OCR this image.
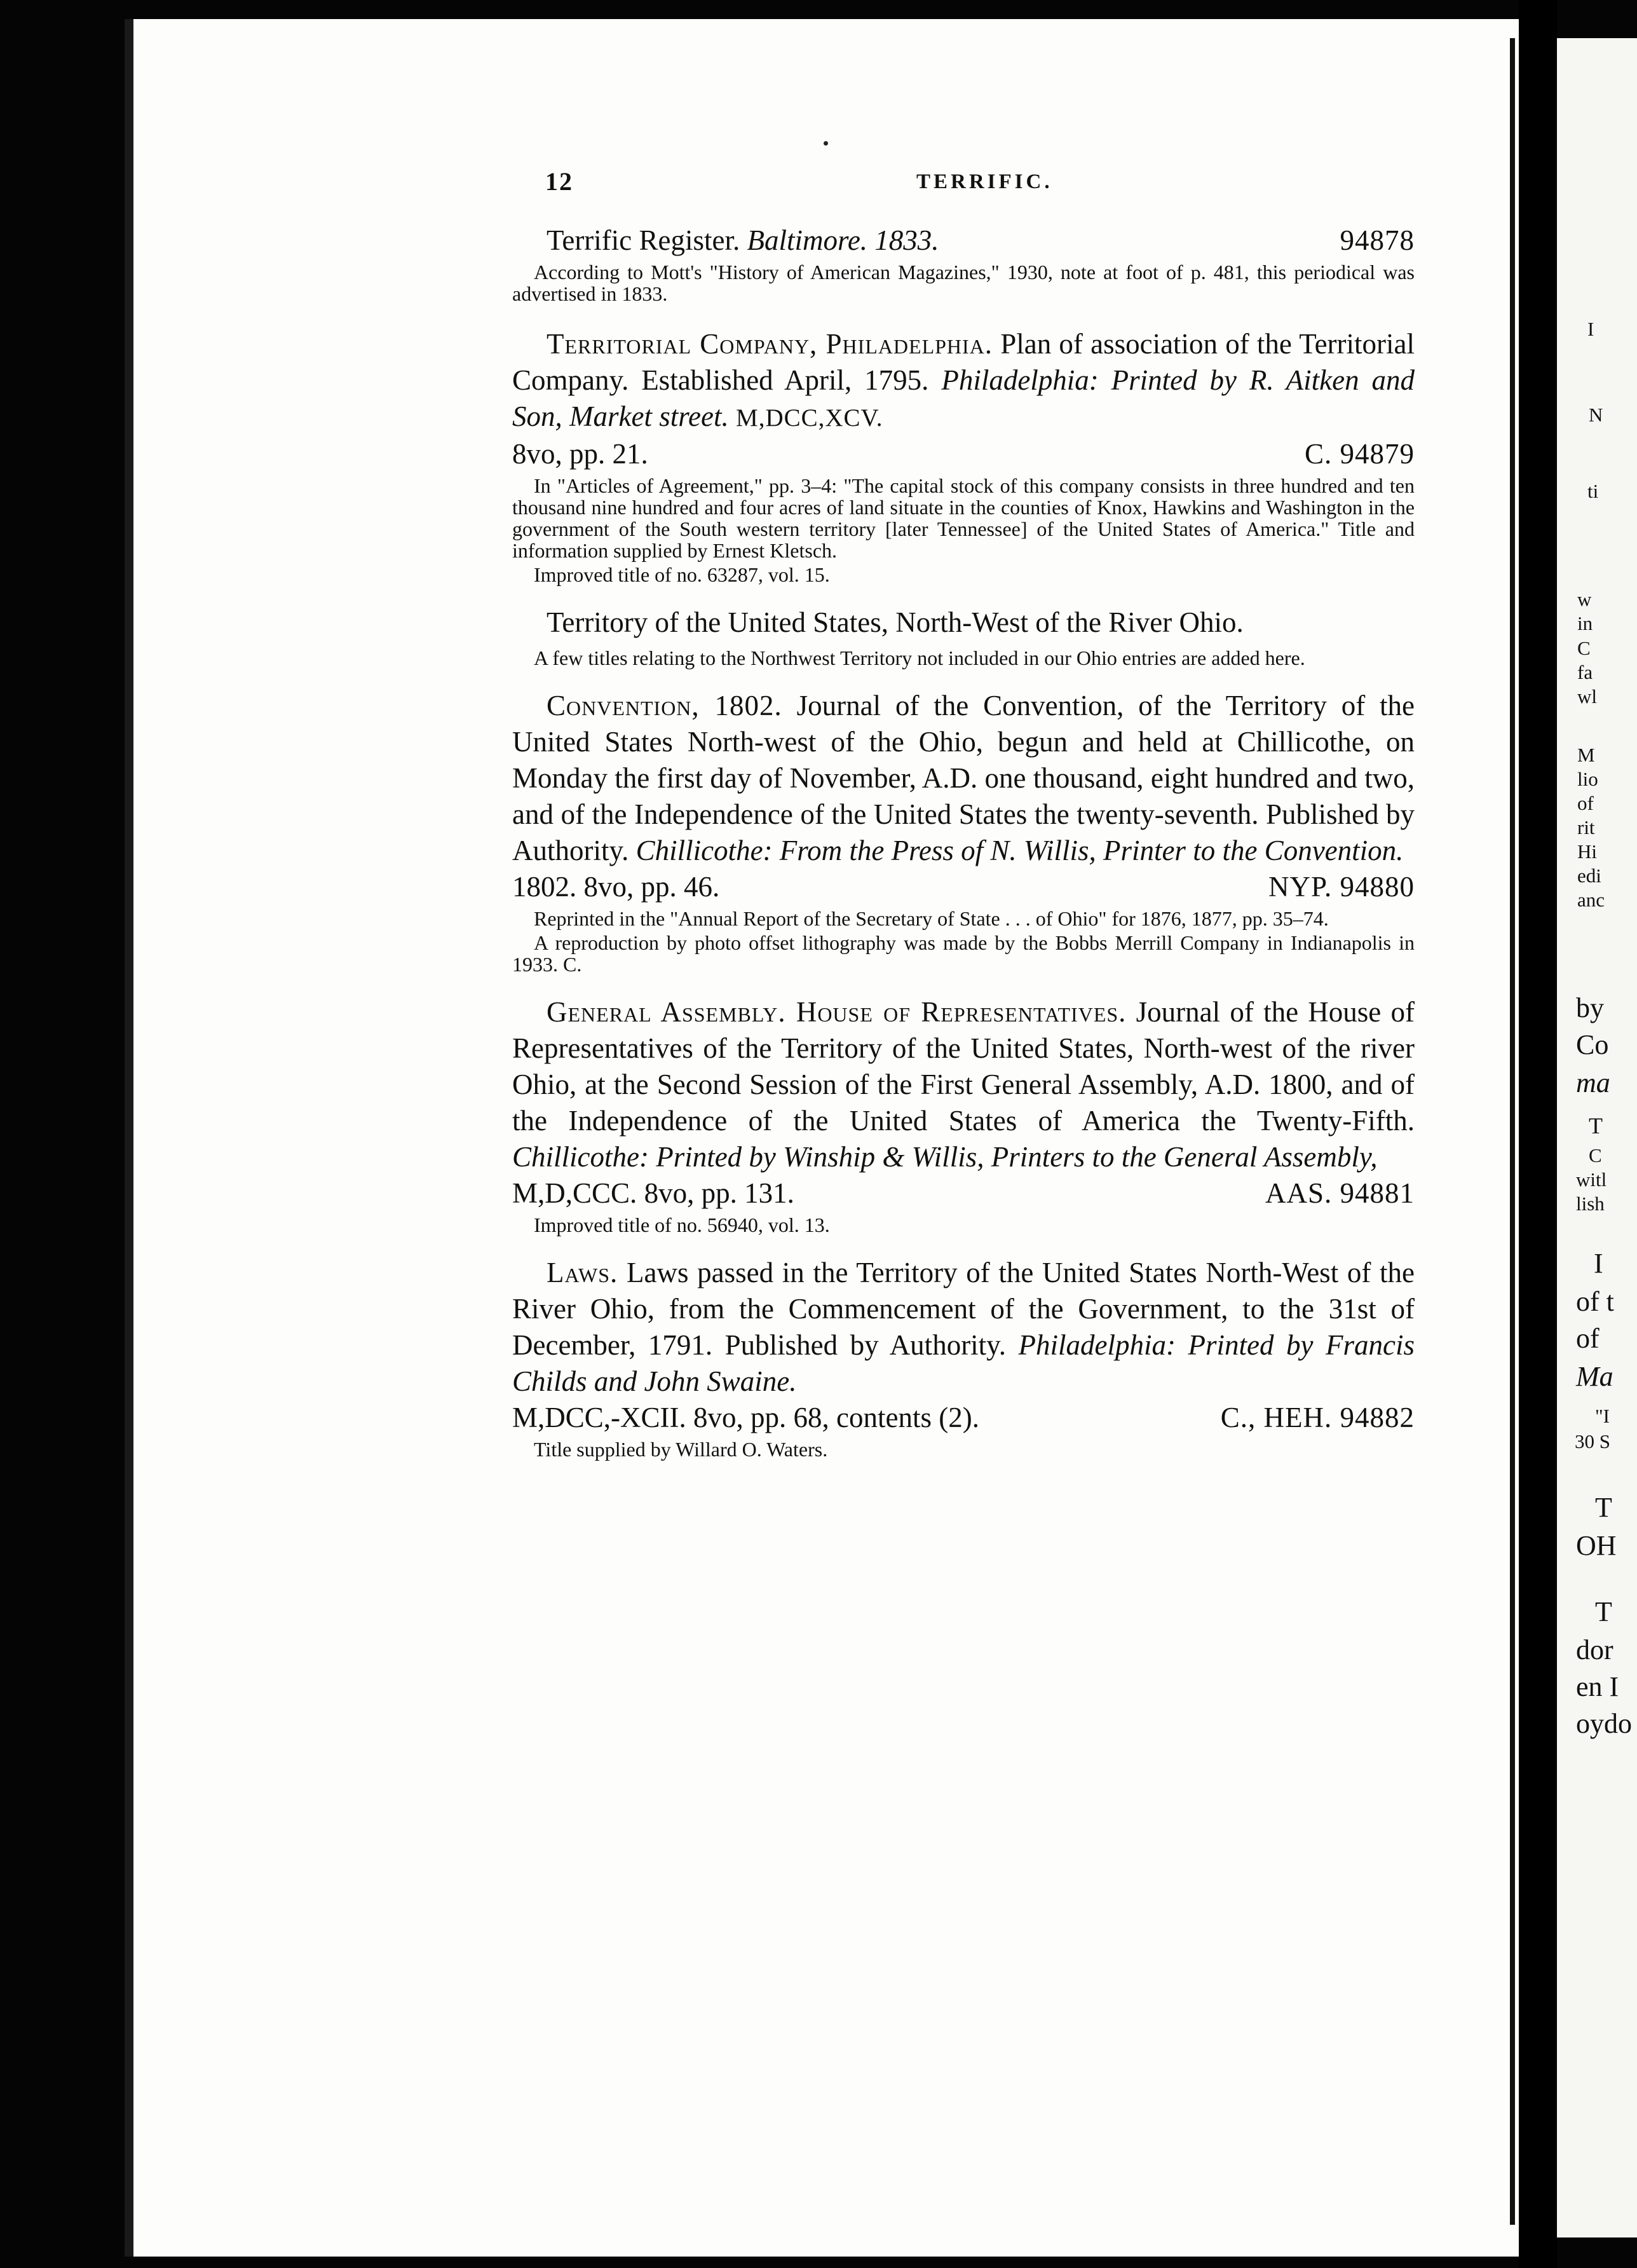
I
N
ti
w
in
C
fa
wl
M
lio
of
rit
Hi
edi
anc
by
Co
ma
T
C
witl
lish
I
of t
of
Ma
"I
30 S
T
OH
T
dor
en I
oydo
12	TERRIFIC.
Terrific Register. Baltimore. 1833.	94878

According to Mott's "History of American Magazines," 1930, note at foot of p. 481, this periodical was advertised in 1833.

Territorial Company, Philadelphia. Plan of association of the Territorial Company. Established April, 1795. Philadelphia: Printed by R. Aitken and Son, Market street. M,DCC,XCV.

8vo, pp. 21.	C. 94879

In "Articles of Agreement," pp. 3–4: "The capital stock of this company consists in three hundred and ten thousand nine hundred and four acres of land situate in the counties of Knox, Hawkins and Washington in the government of the South western territory [later Tennessee] of the United States of America." Title and information supplied by Ernest Kletsch.

Improved title of no. 63287, vol. 15.

Territory of the United States, North-West of the River Ohio.

A few titles relating to the Northwest Territory not included in our Ohio entries are added here.

Convention, 1802. Journal of the Convention, of the Territory of the United States North-west of the Ohio, begun and held at Chillicothe, on Monday the first day of November, A.D. one thousand, eight hundred and two, and of the Independence of the United States the twenty-seventh. Published by Authority. Chillicothe: From the Press of N. Willis, Printer to the Convention.

1802. 8vo, pp. 46.	NYP. 94880

Reprinted in the "Annual Report of the Secretary of State . . . of Ohio" for 1876, 1877, pp. 35–74.

A reproduction by photo offset lithography was made by the Bobbs Merrill Company in Indianapolis in 1933. C.

General Assembly. House of Representatives. Journal of the House of Representatives of the Territory of the United States, North-west of the river Ohio, at the Second Session of the First General Assembly, A.D. 1800, and of the Independence of the United States of America the Twenty-Fifth. Chillicothe: Printed by Winship & Willis, Printers to the General Assembly,

M,D,CCC. 8vo, pp. 131.	AAS. 94881

Improved title of no. 56940, vol. 13.

Laws. Laws passed in the Territory of the United States North-West of the River Ohio, from the Commencement of the Government, to the 31st of December, 1791. Published by Authority. Philadelphia: Printed by Francis Childs and John Swaine.

M,DCC,-XCII. 8vo, pp. 68, contents (2).	C., HEH. 94882

Title supplied by Willard O. Waters.
